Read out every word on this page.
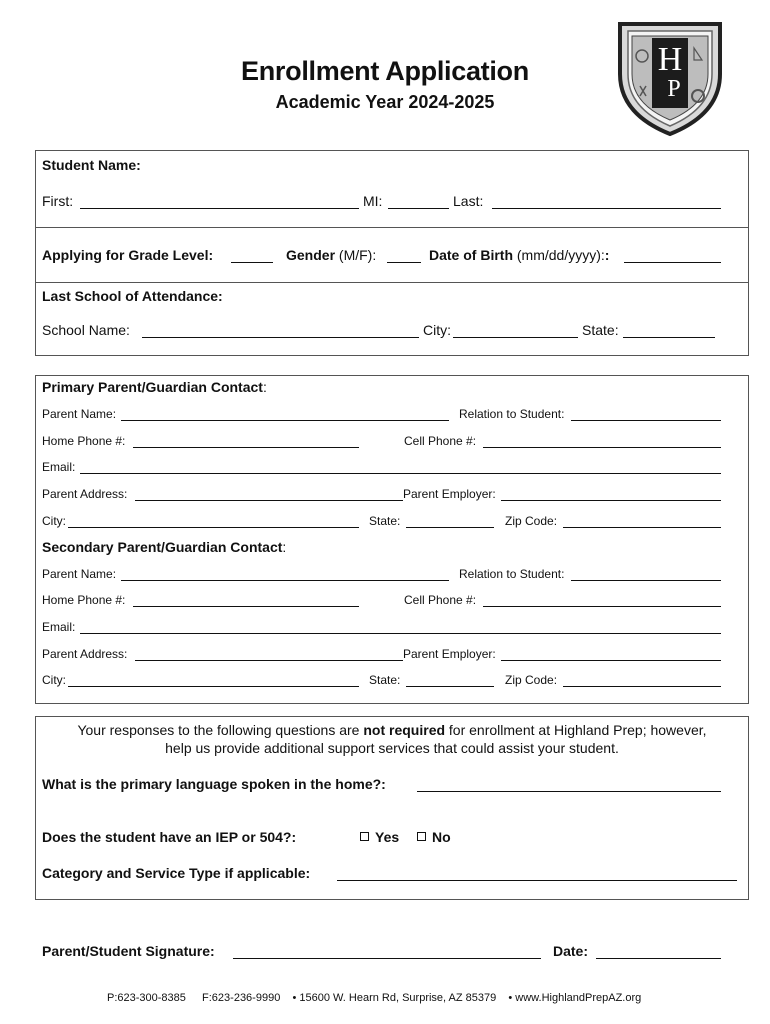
Enrollment Application
Academic Year 2024-2025
H
P
Student Name:
First:	MI:	Last:
Applying for Grade Level:	Gender (M/F):	Date of Birth (mm/dd/yyyy)::
Last School of Attendance:
School Name:	City:	State:
Primary Parent/Guardian Contact:
Parent Name:	Relation to Student:
Home Phone #:	Cell Phone #:
Email:
Parent Address:	Parent Employer:
City:	State:	Zip Code:
Secondary Parent/Guardian Contact:
Parent Name:	Relation to Student:
Home Phone #:	Cell Phone #:
Email:
Parent Address:	Parent Employer:
City:	State:	Zip Code:
Your responses to the following questions are not required for enrollment at Highland Prep; however,
help us provide additional support services that could assist your student.
What is the primary language spoken in the home?:
Does the student have an IEP or 504?:	Yes	No
Category and Service Type if applicable:
Parent/Student Signature:	Date:
P:623-300-8385 F:623-236-9990 • 15600 W. Hearn Rd, Surprise, AZ 85379 • www.HighlandPrepAZ.org
